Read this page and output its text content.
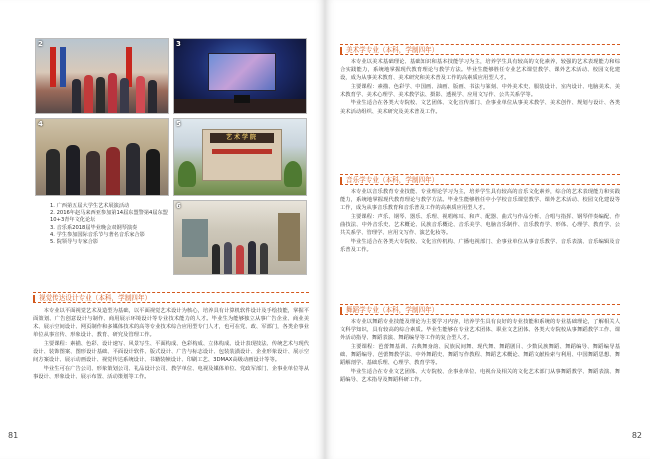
2	3
4	5
艺术学院
6
1. 广西第五届大学生艺术展演活动
2. 2016年赵马来西亚参加第14届东盟警第4届东盟10+3青年文化论坛
3. 音乐系2018届毕业晚会双钢琴演奏
4. 学生参加国际音乐节与著名音乐家合影
5. 院领导与专家合影
视觉传达设计专业（本科，学制四年）

本专业以平面视觉艺术及造型为基础，以平面视觉艺术设计为核心，培养具有计算机软件设计及手绘技能，掌握平面策划、广告创意设计与制作、商用展示环境设计等专业技术能力的人才。毕业生为能够独立从事广告企业、商业美术、展示空间设计、网页制作和多媒体技术的高等专业技术综合应用型专门人才，也可在党、政、军部门，各类企事业单位从事宣传、形象设计、教育、研究及管理工作。

主要课程：素描、色彩、设计速写、风景写生、平面构成、色彩构成、立体构成、设计表现技法、传统艺术与现代设计、装饰图案、图形设计基础、平面设计软件、版式设计、广告与标志设计、包装装潢设计、企业形象设计、展示空间方案设计、展示动画设计、视觉传达系统设计、书籍装帧设计、印刷工艺、3DMAX高级动画设计等等。

毕业生可在广告公司、形象策划公司、礼品设计公司、教学单位、电视及媒体单位、党政军部门、企事业单位等从事设计、形象设计、展示布置、活动策划等工作。

81
美术学专业（本科，学制四年）

本专业以美术基础理论、基础知识和基本技能学习为主，培养学生具有较高的文化素养，较强的艺术表现能力和综合实践能力，系统地掌握现代教育理论与教学方法。毕业生能够胜任专业艺术课堂教学、课外艺术活动、校园文化建设，成为从事美术教育、美术研究和美术普及工作的高素质应用型人才。

主要课程：素描、色彩学、中国画、油画、版画、书法与篆刻、中外美术史、服装设计、室内设计、电脑美术、美术教育学、美术心理学、美术教学法、摄影、透视学、应用文写作、公共关系学等。

毕业生适合在各类大专院校、文艺团体、文化宣传部门、企事业单位从事美术教学、美术创作、规划与设计、各类美术活动组织、美术研究及美术普及工作。

音乐学专业（本科，学制四年）

本专业以音乐教育专业技能、专业理论学习为主，培养学生具有较高的音乐文化素养，综合的艺术表现能力和实践能力，系统地掌握现代教育理论与教学方法。毕业生能够胜任中小学校音乐课堂教学、课外艺术活动、校园文化建设等工作，成为从事音乐教育和音乐普及工作的高素质应用型人才。

主要课程：声乐、钢琴、器乐、乐理、视唱练耳、和声、配器、曲式与作品分析、合唱与指挥、钢琴伴奏编配、作曲技法、中外音乐史、艺术概论、民族音乐概论、音乐美学、电脑音乐制作、音乐教育学、形体、心理学、教育学、公共关系学、管理学、应用文写作、演艺化妆等。

毕业生适合在各类大专院校、文化宣传机构、广播电视部门、企事业单位从事音乐教学、音乐表演、音乐编辑及音乐普及工作。

舞蹈学专业（本科，学制四年）

本专业以舞蹈专业技能及理论为主要学习内容，培养学生具有良好的专业技能和系统的专业基础理论，了解相关人文科学知识，具有较高的综合素质。毕业生能够在专业艺术团体、职业文艺团体、各类大专院校从事舞蹈教学工作、课外活动指导、舞蹈表演、舞蹈编导等工作的复合型人才。

主要课程：芭蕾舞基训、古典舞身韵、民族民间舞、现代舞、舞蹈剧目、少数民族舞蹈、舞蹈编导、舞蹈编导基础、舞蹈编导、芭蕾舞教学法、中外舞蹈史、舞蹈写作教程、舞蹈艺术概论、舞蹈文献检索与利用、中国舞蹈思想、舞蹈解剖学、基础乐理、心理学、教育学等。

毕业生适合在专业文艺团体、大专院校、企事业单位、电视台及相关的文化艺术部门从事舞蹈教学、舞蹈表演、舞蹈编导、艺术指导及舞蹈科研工作。

82
